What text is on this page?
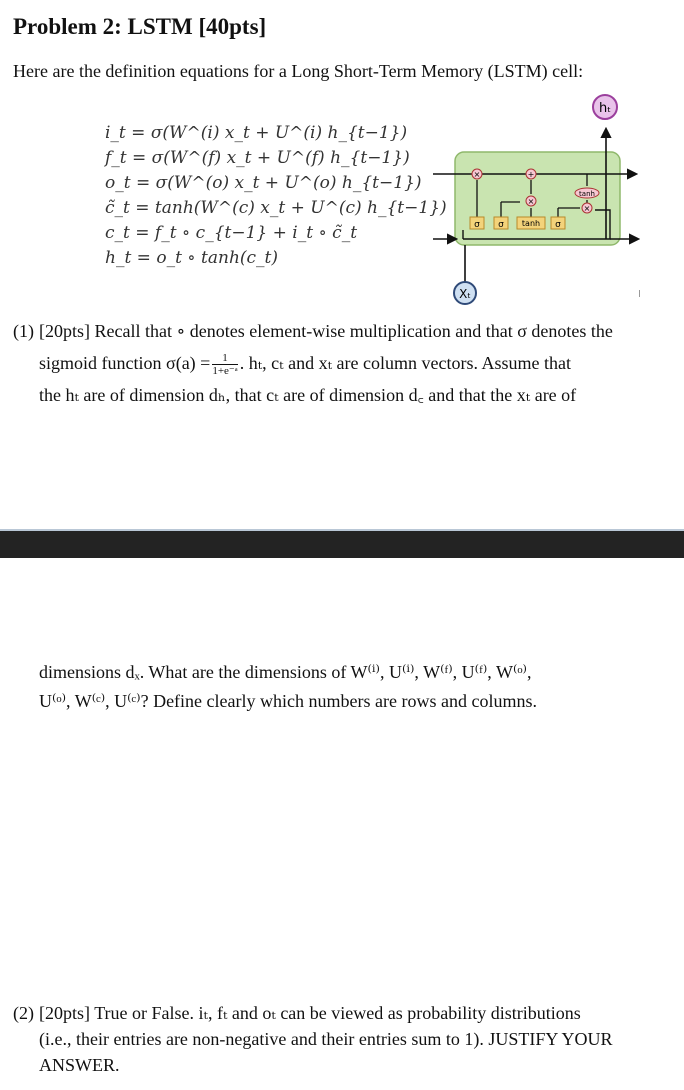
Problem 2: LSTM [40pts]
Here are the definition equations for a Long Short-Term Memory (LSTM) cell:
i_t = σ(W^(i) x_t + U^(i) h_{t−1})
f_t = σ(W^(f) x_t + U^(f) h_{t−1})
o_t = σ(W^(o) x_t + U^(o) h_{t−1})
c̃_t = tanh(W^(c) x_t + U^(c) h_{t−1})
c_t = f_t ∘ c_{t−1} + i_t ∘ c̃_t
h_t = o_t ∘ tanh(c_t)
×	+
×
×
tanh
σ σ tanh σ
hₜ
Xₜ
(1) [20pts] Recall that ∘ denotes element-wise multiplication and that σ denotes the
sigmoid function $\sigma(a) = \frac{1}{\text{1+e⁻ᵃ}}$ . hₜ, cₜ and xₜ are column vectors. Assume that
the hₜ are of dimension dₕ, that cₜ are of dimension d꜀ and that the xₜ are of
dimensions dₓ. What are the dimensions of W⁽ⁱ⁾, U⁽ⁱ⁾, W⁽ᶠ⁾, U⁽ᶠ⁾, W⁽ᵒ⁾,
U⁽ᵒ⁾, W⁽ᶜ⁾, U⁽ᶜ⁾? Define clearly which numbers are rows and columns.
(2) [20pts] True or False. iₜ, fₜ and oₜ can be viewed as probability distributions
(i.e., their entries are non-negative and their entries sum to 1). JUSTIFY YOUR
ANSWER.
